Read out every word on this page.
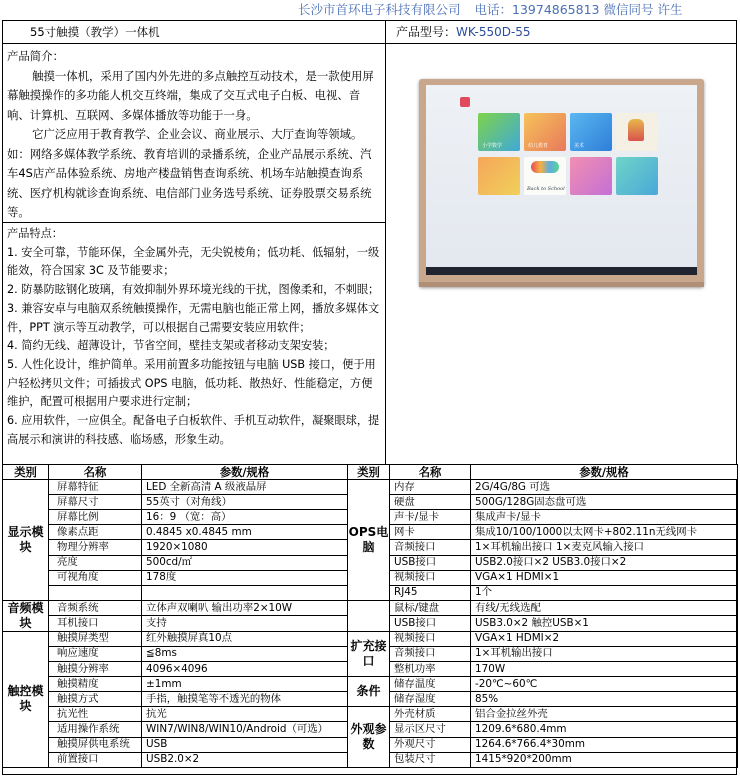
长沙市首环电子科技有限公司 电话：13974865813 微信同号 许生
55寸触摸（教学）一体机	产品型号：WK-550D-55

产品简介：

触摸一体机，采用了国内外先进的多点触控互动技术，是一款使用屏幕触摸操作的多功能人机交互终端，集成了交互式电子白板、电视、音响、计算机、互联网、多媒体播放等功能于一身。

它广泛应用于教育教学、企业会议、商业展示、大厅查询等领域。如：网络多媒体教学系统、教育培训的录播系统，企业产品展示系统、汽车4S店产品体验系统、房地产楼盘销售查询系统、机场车站触摸查询系统、医疗机构就诊查询系统、电信部门业务选号系统、证券股票交易系统等。

产品特点：

1. 安全可靠，节能环保，全金属外壳，无尖锐棱角；低功耗、低辐射，一级能效，符合国家 3C 及节能要求；

2. 防暴防眩钢化玻璃，有效抑制外界环境光线的干扰，图像柔和，不刺眼；

3. 兼容安卓与电脑双系统触摸操作，无需电脑也能正常上网，播放多媒体文件，PPT 演示等互动教学，可以根据自己需要安装应用软件；

4. 简约无线、超薄设计，节省空间，壁挂支架或者移动支架安装；

5. 人性化设计，维护简单。采用前置多功能按钮与电脑 USB 接口，便于用户轻松拷贝文件；可插拔式 OPS 电脑，低功耗、散热好、性能稳定，方便维护，配置可根据用户要求进行定制；

6. 应用软件，一应俱全。配备电子白板软件、手机互动软件，凝聚眼球，提高展示和演讲的科技感、临场感，形象生动。

小学数学	幼儿教育	美术
Back to School
类别	名称	参数/规格	类别	名称	参数/规格
显示模块	屏幕特征	LED 全新高清 A 级液晶屏	OPS电脑	内存	2G/4G/8G 可选
	屏幕尺寸	55英寸（对角线）		硬盘	500G/128G固态盘可选
	屏幕比例	16：9 （宽：高）		声卡/显卡	集成声卡/显卡
	像素点距	0.4845 x0.4845 mm		网卡	集成10/100/1000以太网卡+802.11n无线网卡
	物理分辨率	1920×1080		音频接口	1×耳机输出接口 1×麦克风输入接口
	亮度	500cd/㎡		USB接口	USB2.0接口×2 USB3.0接口×2
	可视角度	178度		视频接口	VGA×1 HDMI×1
				RJ45	1个
音频模块	音频系统	立体声双喇叭 输出功率2×10W		鼠标/键盘	有线/无线选配
	耳机接口	支持		USB接口	USB3.0×2 触控USB×1
触控模块	触摸屏类型	红外触摸屏真10点	扩充接口	视频接口	VGA×1 HDMI×2
	响应速度	≦8ms		音频接口	1×耳机输出接口
	触摸分辨率	4096×4096		整机功率	170W
	触摸精度	±1mm	条件	储存温度	-20℃~60℃
	触摸方式	手指，触摸笔等不透光的物体		储存湿度	85%
	抗光性	抗光	外观参数	外壳材质	铝合金拉丝外壳
	适用操作系统	WIN7/WIN8/WIN10/Android（可选）		显示区尺寸	1209.6*680.4mm
	触摸屏供电系统	USB		外观尺寸	1264.6*766.4*30mm
	前置接口	USB2.0×2		包装尺寸	1415*920*200mm
